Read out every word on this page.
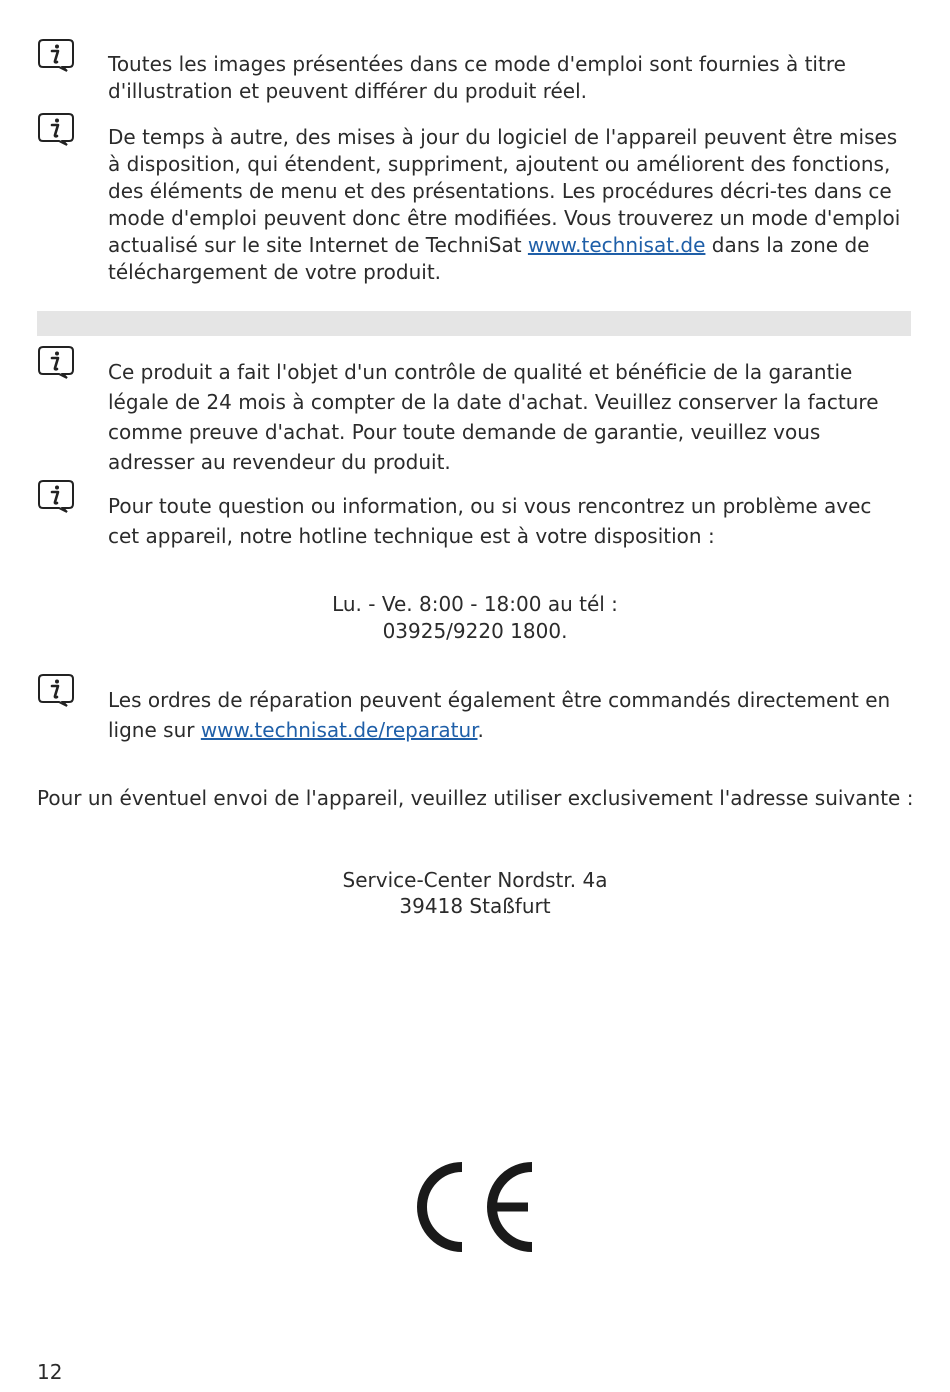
Toutes les images présentées dans ce mode d'emploi sont fournies à titre d'illustration et peuvent différer du produit réel.
De temps à autre, des mises à jour du logiciel de l'appareil peuvent être mises à disposition, qui étendent, suppriment, ajoutent ou améliorent des fonctions, des éléments de menu et des présentations. Les procédures décri-tes dans ce mode d'emploi peuvent donc être modifiées. Vous trouverez un mode d'emploi actualisé sur le site Internet de TechniSat www.technisat.de dans la zone de téléchargement de votre produit.
Ce produit a fait l'objet d'un contrôle de qualité et bénéficie de la garantie légale de 24 mois à compter de la date d'achat. Veuillez conserver la facture comme preuve d'achat. Pour toute demande de garantie, veuillez vous adresser au revendeur du produit.
Pour toute question ou information, ou si vous rencontrez un problème avec cet appareil, notre hotline technique est à votre disposition :
Lu. - Ve. 8:00 - 18:00 au tél :
03925/9220 1800.
Les ordres de réparation peuvent également être commandés directement en ligne sur www.technisat.de/reparatur.
Pour un éventuel envoi de l'appareil, veuillez utiliser exclusivement l'adresse suivante :
Service-Center Nordstr. 4a
39418 Staßfurt
12
